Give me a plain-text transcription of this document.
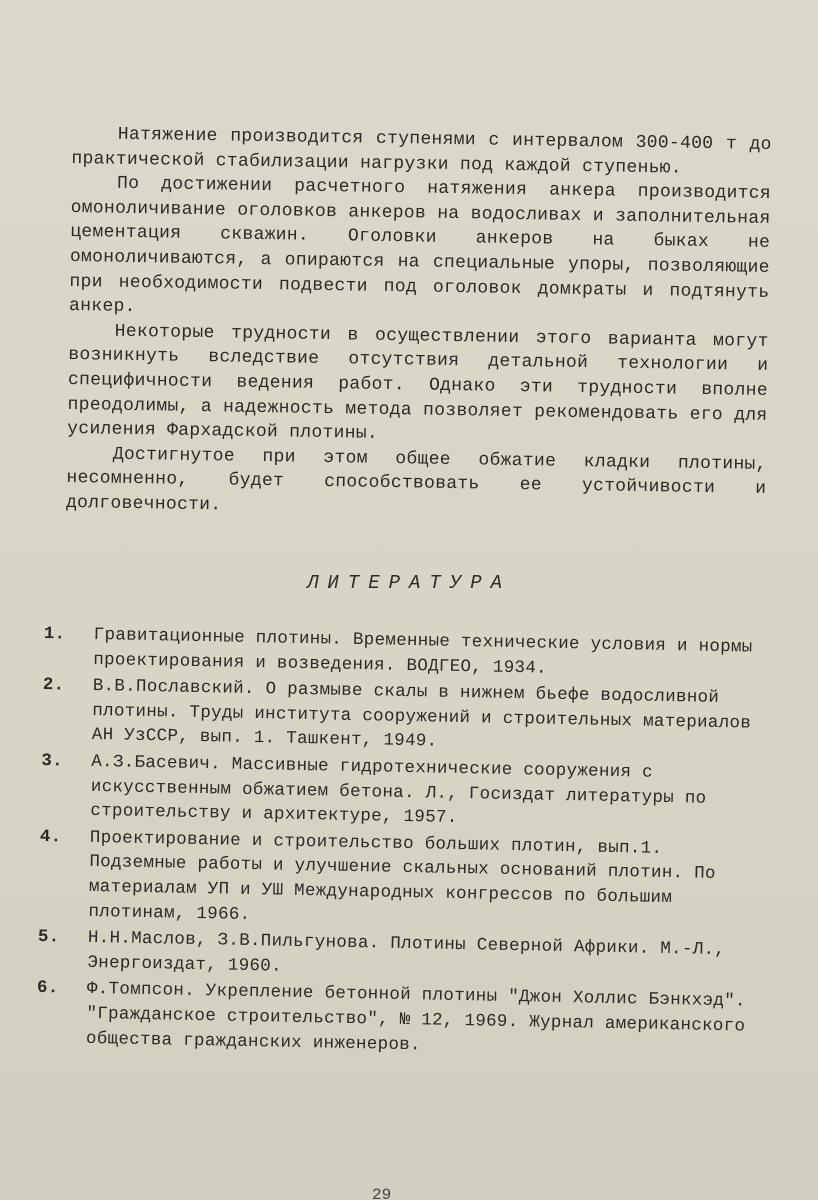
Натяжение производится ступенями с интервалом 300-400 т до практической стабилизации нагрузки под каждой ступенью.

По достижении расчетного натяжения анкера производится омоноличивание оголовков анкеров на водосливах и заполнительная цементация скважин. Оголовки анкеров на быках не омоноличиваются, а опираются на специальные упоры, позволяющие при необходимости подвести под оголовок домкраты и подтянуть анкер.

Некоторые трудности в осуществлении этого варианта могут возникнуть вследствие отсутствия детальной технологии и специфичности ведения работ. Однако эти трудности вполне преодолимы, а надежность метода позволяет рекомендовать его для усиления Фархадской плотины.

Достигнутое при этом общее обжатие кладки плотины, несомненно, будет способствовать ее устойчивости и долговечности.

ЛИТЕРАТУРА
1. Гравитационные плотины. Временные технические условия и нормы проектирования и возведения. ВОДГЕО, 1934.
2. В.В.Пославский. О размыве скалы в нижнем бьефе водосливной плотины. Труды института сооружений и строительных материалов АН УзССР, вып. 1. Ташкент, 1949.
3. А.З.Басевич. Массивные гидротехнические сооружения с искусственным обжатием бетона. Л., Госиздат литературы по строительству и архитектуре, 1957.
4. Проектирование и строительство больших плотин, вып.1. Подземные работы и улучшение скальных оснований плотин. По материалам УП и УШ Международных конгрессов по большим плотинам, 1966.
5. Н.Н.Маслов, З.В.Пильгунова. Плотины Северной Африки. М.-Л., Энергоиздат, 1960.
6. Ф.Томпсон. Укрепление бетонной плотины "Джон Холлис Бэнкхэд". "Гражданское строительство", № 12, 1969. Журнал американского общества гражданских инженеров.
29
